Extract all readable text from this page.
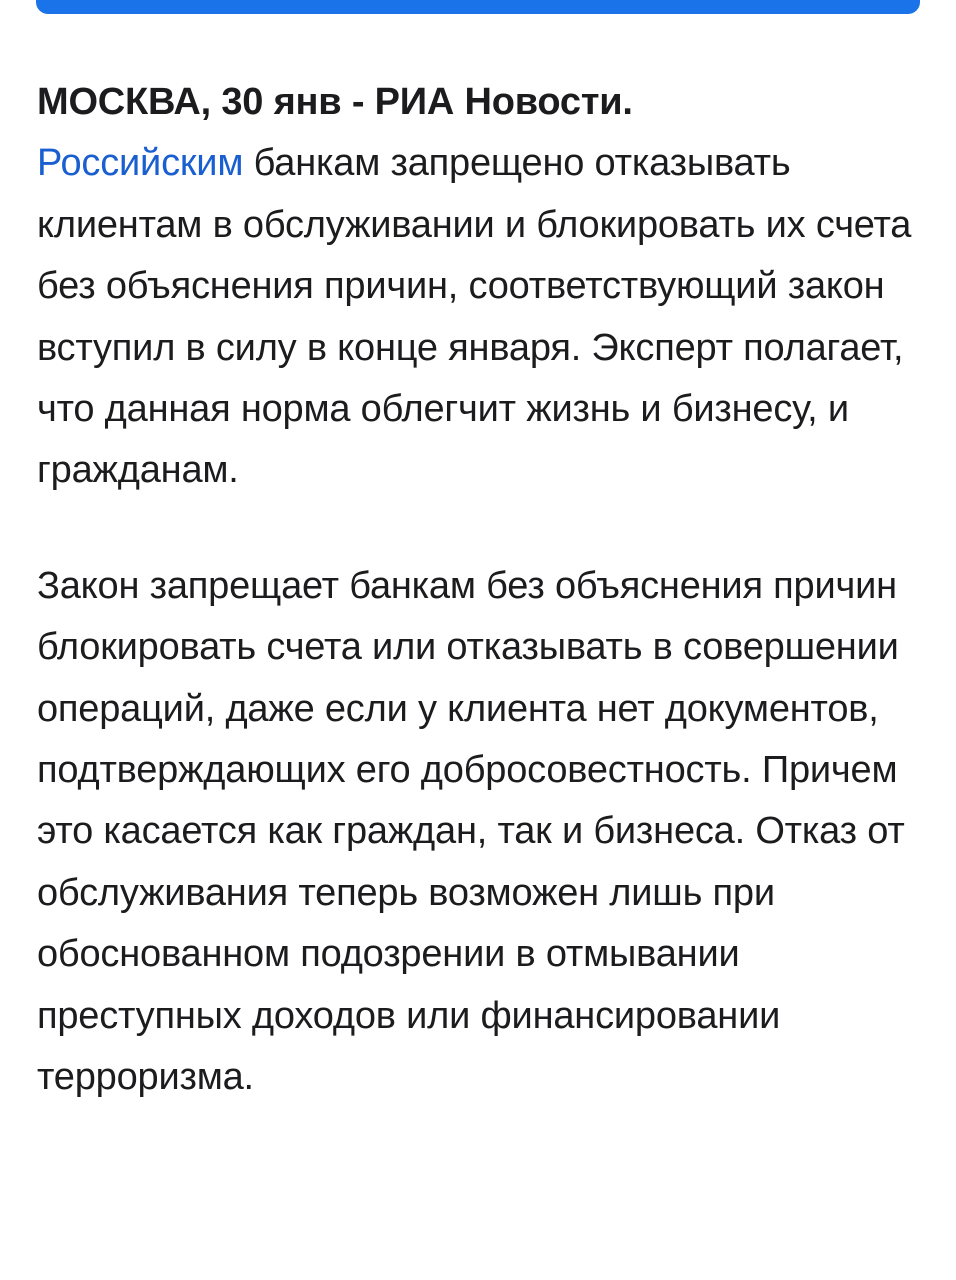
МОСКВА, 30 янв - РИА Новости.
Российским банкам запрещено отказывать клиентам в обслуживании и блокировать их счета без объяснения причин, соответствующий закон вступил в силу в конце января. Эксперт полагает, что данная норма облегчит жизнь и бизнесу, и гражданам.

Закон запрещает банкам без объяснения причин блокировать счета или отказывать в совершении операций, даже если у клиента нет документов, подтверждающих его добросовестность. Причем это касается как граждан, так и бизнеса. Отказ от обслуживания теперь возможен лишь при обоснованном подозрении в отмывании преступных доходов или финансировании терроризма.
